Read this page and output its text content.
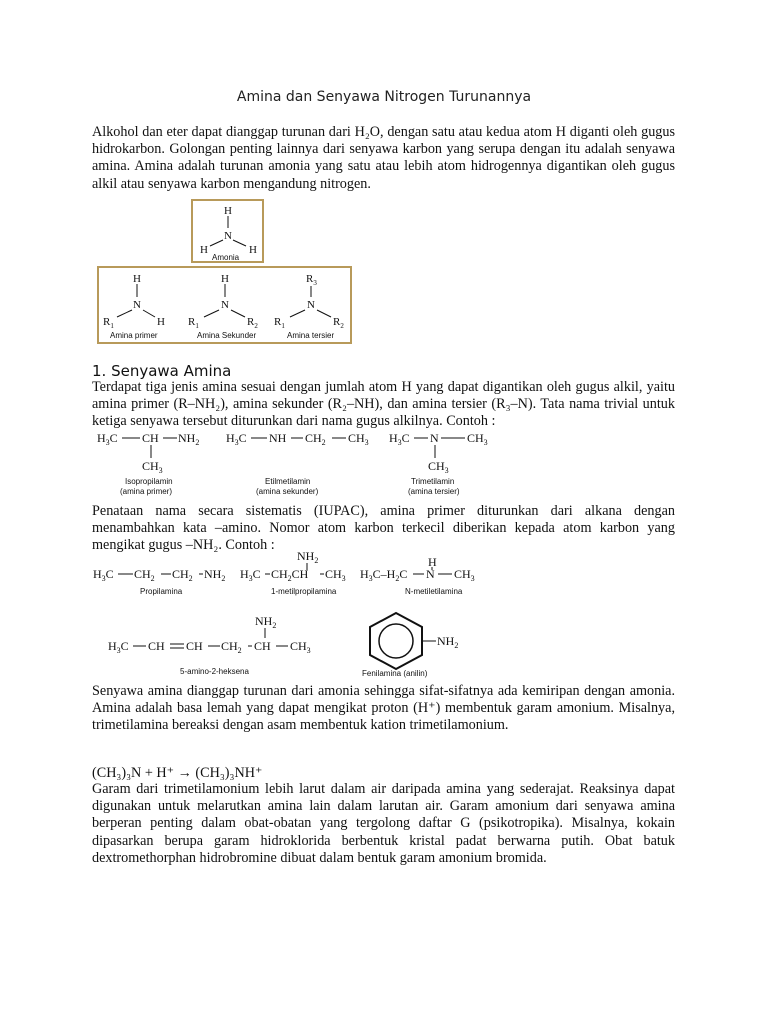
Amina dan Senyawa Nitrogen Turunannya

Alkohol dan eter dapat dianggap turunan dari H₂O, dengan satu atau kedua atom H diganti oleh gugus hidrokarbon. Golongan penting lainnya dari senyawa karbon yang serupa dengan itu adalah senyawa amina. Amina adalah turunan amonia yang satu atau lebih atom hidrogennya digantikan oleh gugus alkil atau senyawa karbon mengandung nitrogen.

H
N
H	H
Amonia
H
N
$R_1$	H
Amina primer
H
N
$R_1$	$R_2$
Amina Sekunder
$R_3$
N
$R_1$	$R_2$
Amina tersier
$H_3C$ CH $NH_2$
$CH_3$
Isopropilamin
(amina primer)
$H_3C$ NH $CH_2$ $CH_3$
Etilmetilamin
(amina sekunder)
$H_3C$ N $CH_3$
$CH_3$
Trimetilamin
(amina tersier)
$H_3C$ $CH_2$ $CH_2$ $NH_2$
Propilamina
$NH_2$
$H_3C$ $CH_2CH$ $CH_3$
1-metilpropilamina
H
$H_3C-H_2C$ N $CH_3$
N-metiletilamina
$NH_2$
$H_3C$ CH CH $CH_2$ CH $CH_3$
5-amino-2-heksena
$NH_2$
Fenilamina (anilin)
1. Senyawa Amina

Terdapat tiga jenis amina sesuai dengan jumlah atom H yang dapat digantikan oleh gugus alkil, yaitu amina primer (R–NH₂), amina sekunder (R₂–NH), dan amina tersier (R₃–N). Tata nama trivial untuk ketiga senyawa tersebut diturunkan dari nama gugus alkilnya. Contoh :

Penataan nama secara sistematis (IUPAC), amina primer diturunkan dari alkana dengan menambahkan kata –amino. Nomor atom karbon terkecil diberikan kepada atom karbon yang mengikat gugus –NH₂. Contoh :

Senyawa amina dianggap turunan dari amonia sehingga sifat-sifatnya ada kemiripan dengan amonia. Amina adalah basa lemah yang dapat mengikat proton (H⁺) membentuk garam amonium. Misalnya, trimetilamina bereaksi dengan asam membentuk kation trimetilamonium.

(CH₃)₃N + H⁺ → (CH₃)₃NH⁺

Garam dari trimetilamonium lebih larut dalam air daripada amina yang sederajat. Reaksinya dapat digunakan untuk melarutkan amina lain dalam larutan air. Garam amonium dari senyawa amina berperan penting dalam obat-obatan yang tergolong daftar G (psikotropika). Misalnya, kokain dipasarkan berupa garam hidroklorida berbentuk kristal padat berwarna putih. Obat batuk dextromethorphan hidrobromine dibuat dalam bentuk garam amonium bromida.
